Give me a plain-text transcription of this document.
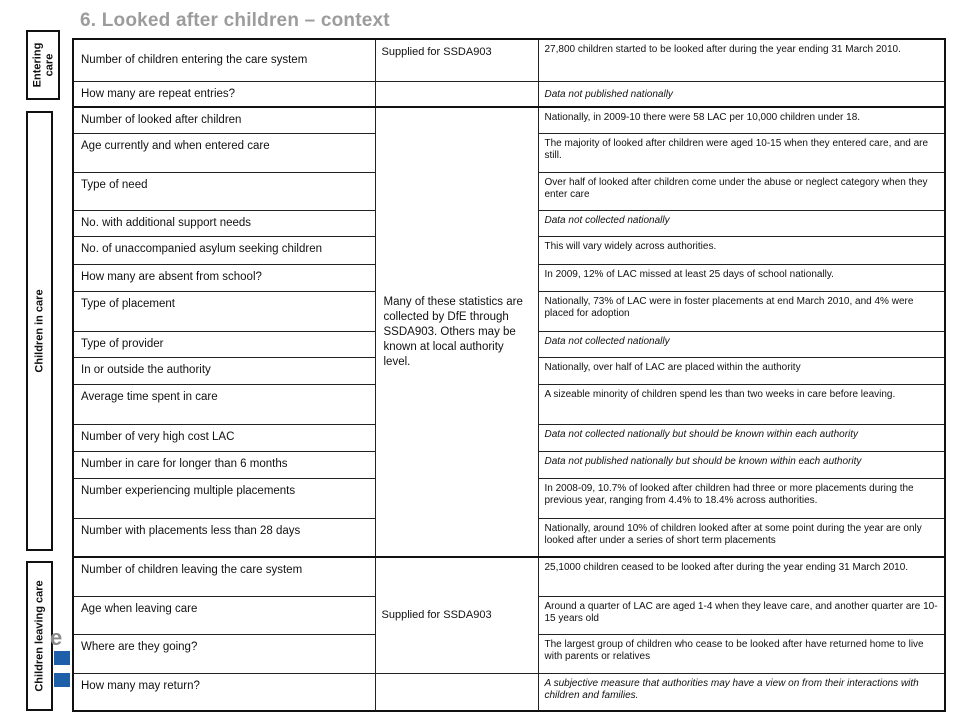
6. Looked after children – context
Entering care
Children in care
Children leaving care e
Number of children entering the care system	Supplied for SSDA903	27,800 children started to be looked after during the year ending 31 March 2010.
How many are repeat entries?		Data not published nationally
Number of looked after children	Many of these statistics are collected by DfE through SSDA903. Others may be known at local authority level.	Nationally, in 2009-10 there were 58 LAC per 10,000 children under 18.
Age currently and when entered care		The majority of looked after children were aged 10-15 when they entered care, and are still.
Type of need		Over half of looked after children come under the abuse or neglect category when they enter care
No. with additional support needs		Data not collected nationally
No. of unaccompanied asylum seeking children		This will vary widely across authorities.
How many are absent from school?		In 2009, 12% of LAC missed at least 25 days of school nationally.
Type of placement		Nationally, 73% of LAC were in foster placements at end March 2010, and 4% were placed for adoption
Type of provider		Data not collected nationally
In or outside the authority		Nationally, over half of LAC are placed within the authority
Average time spent in care		A sizeable minority of children spend les than two weeks in care before leaving.
Number of very high cost LAC		Data not collected nationally but should be known within each authority
Number in care for longer than 6 months		Data not published nationally but should be known within each authority
Number experiencing multiple placements		In 2008-09, 10.7% of looked after children had three or more placements during the previous year, ranging from 4.4% to 18.4% across authorities.
Number with placements less than 28 days		Nationally, around 10% of children looked after at some point during the year are only looked after under a series of short term placements
Number of children leaving the care system	Supplied for SSDA903	25,1000 children ceased to be looked after during the year ending 31 March 2010.
Age when leaving care		Around a quarter of LAC are aged 1-4 when they leave care, and another quarter are 10-15 years old
Where are they going?		The largest group of children who cease to be looked after have returned home to live with parents or relatives
How many may return?		A subjective measure that authorities may have a view on from their interactions with children and families.
